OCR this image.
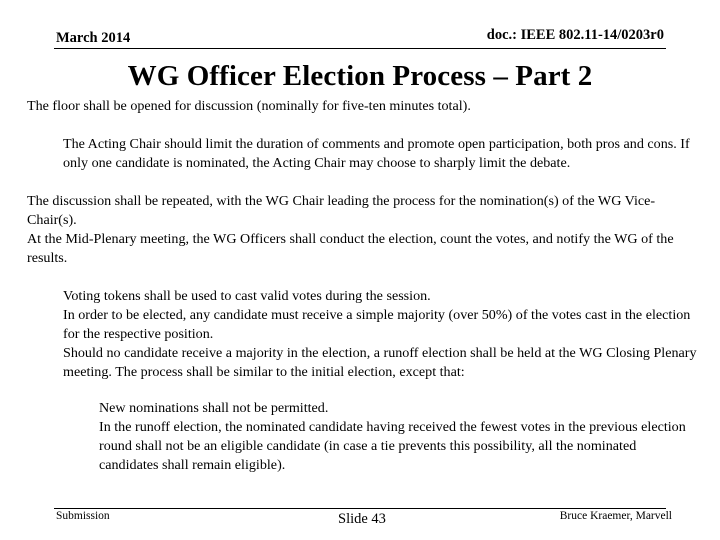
March 2014	doc.: IEEE 802.11-14/0203r0
WG Officer Election Process – Part 2

The floor shall be opened for discussion (nominally for five-ten minutes total).

The Acting Chair should limit the duration of comments and promote open participation, both pros and cons. If only one candidate is nominated, the Acting Chair may choose to sharply limit the debate.

The discussion shall be repeated, with the WG Chair leading the process for the nomination(s) of the WG Vice-Chair(s).

At the Mid-Plenary meeting, the WG Officers shall conduct the election, count the votes, and notify the WG of the results.

Voting tokens shall be used to cast valid votes during the session.

In order to be elected, any candidate must receive a simple majority (over 50%) of the votes cast in the election for the respective position.

Should no candidate receive a majority in the election, a runoff election shall be held at the WG Closing Plenary meeting. The process shall be similar to the initial election, except that:

New nominations shall not be permitted.

In the runoff election, the nominated candidate having received the fewest votes in the previous election round shall not be an eligible candidate (in case a tie prevents this possibility, all the nominated candidates shall remain eligible).

Submission	Slide 43	Bruce Kraemer, Marvell
